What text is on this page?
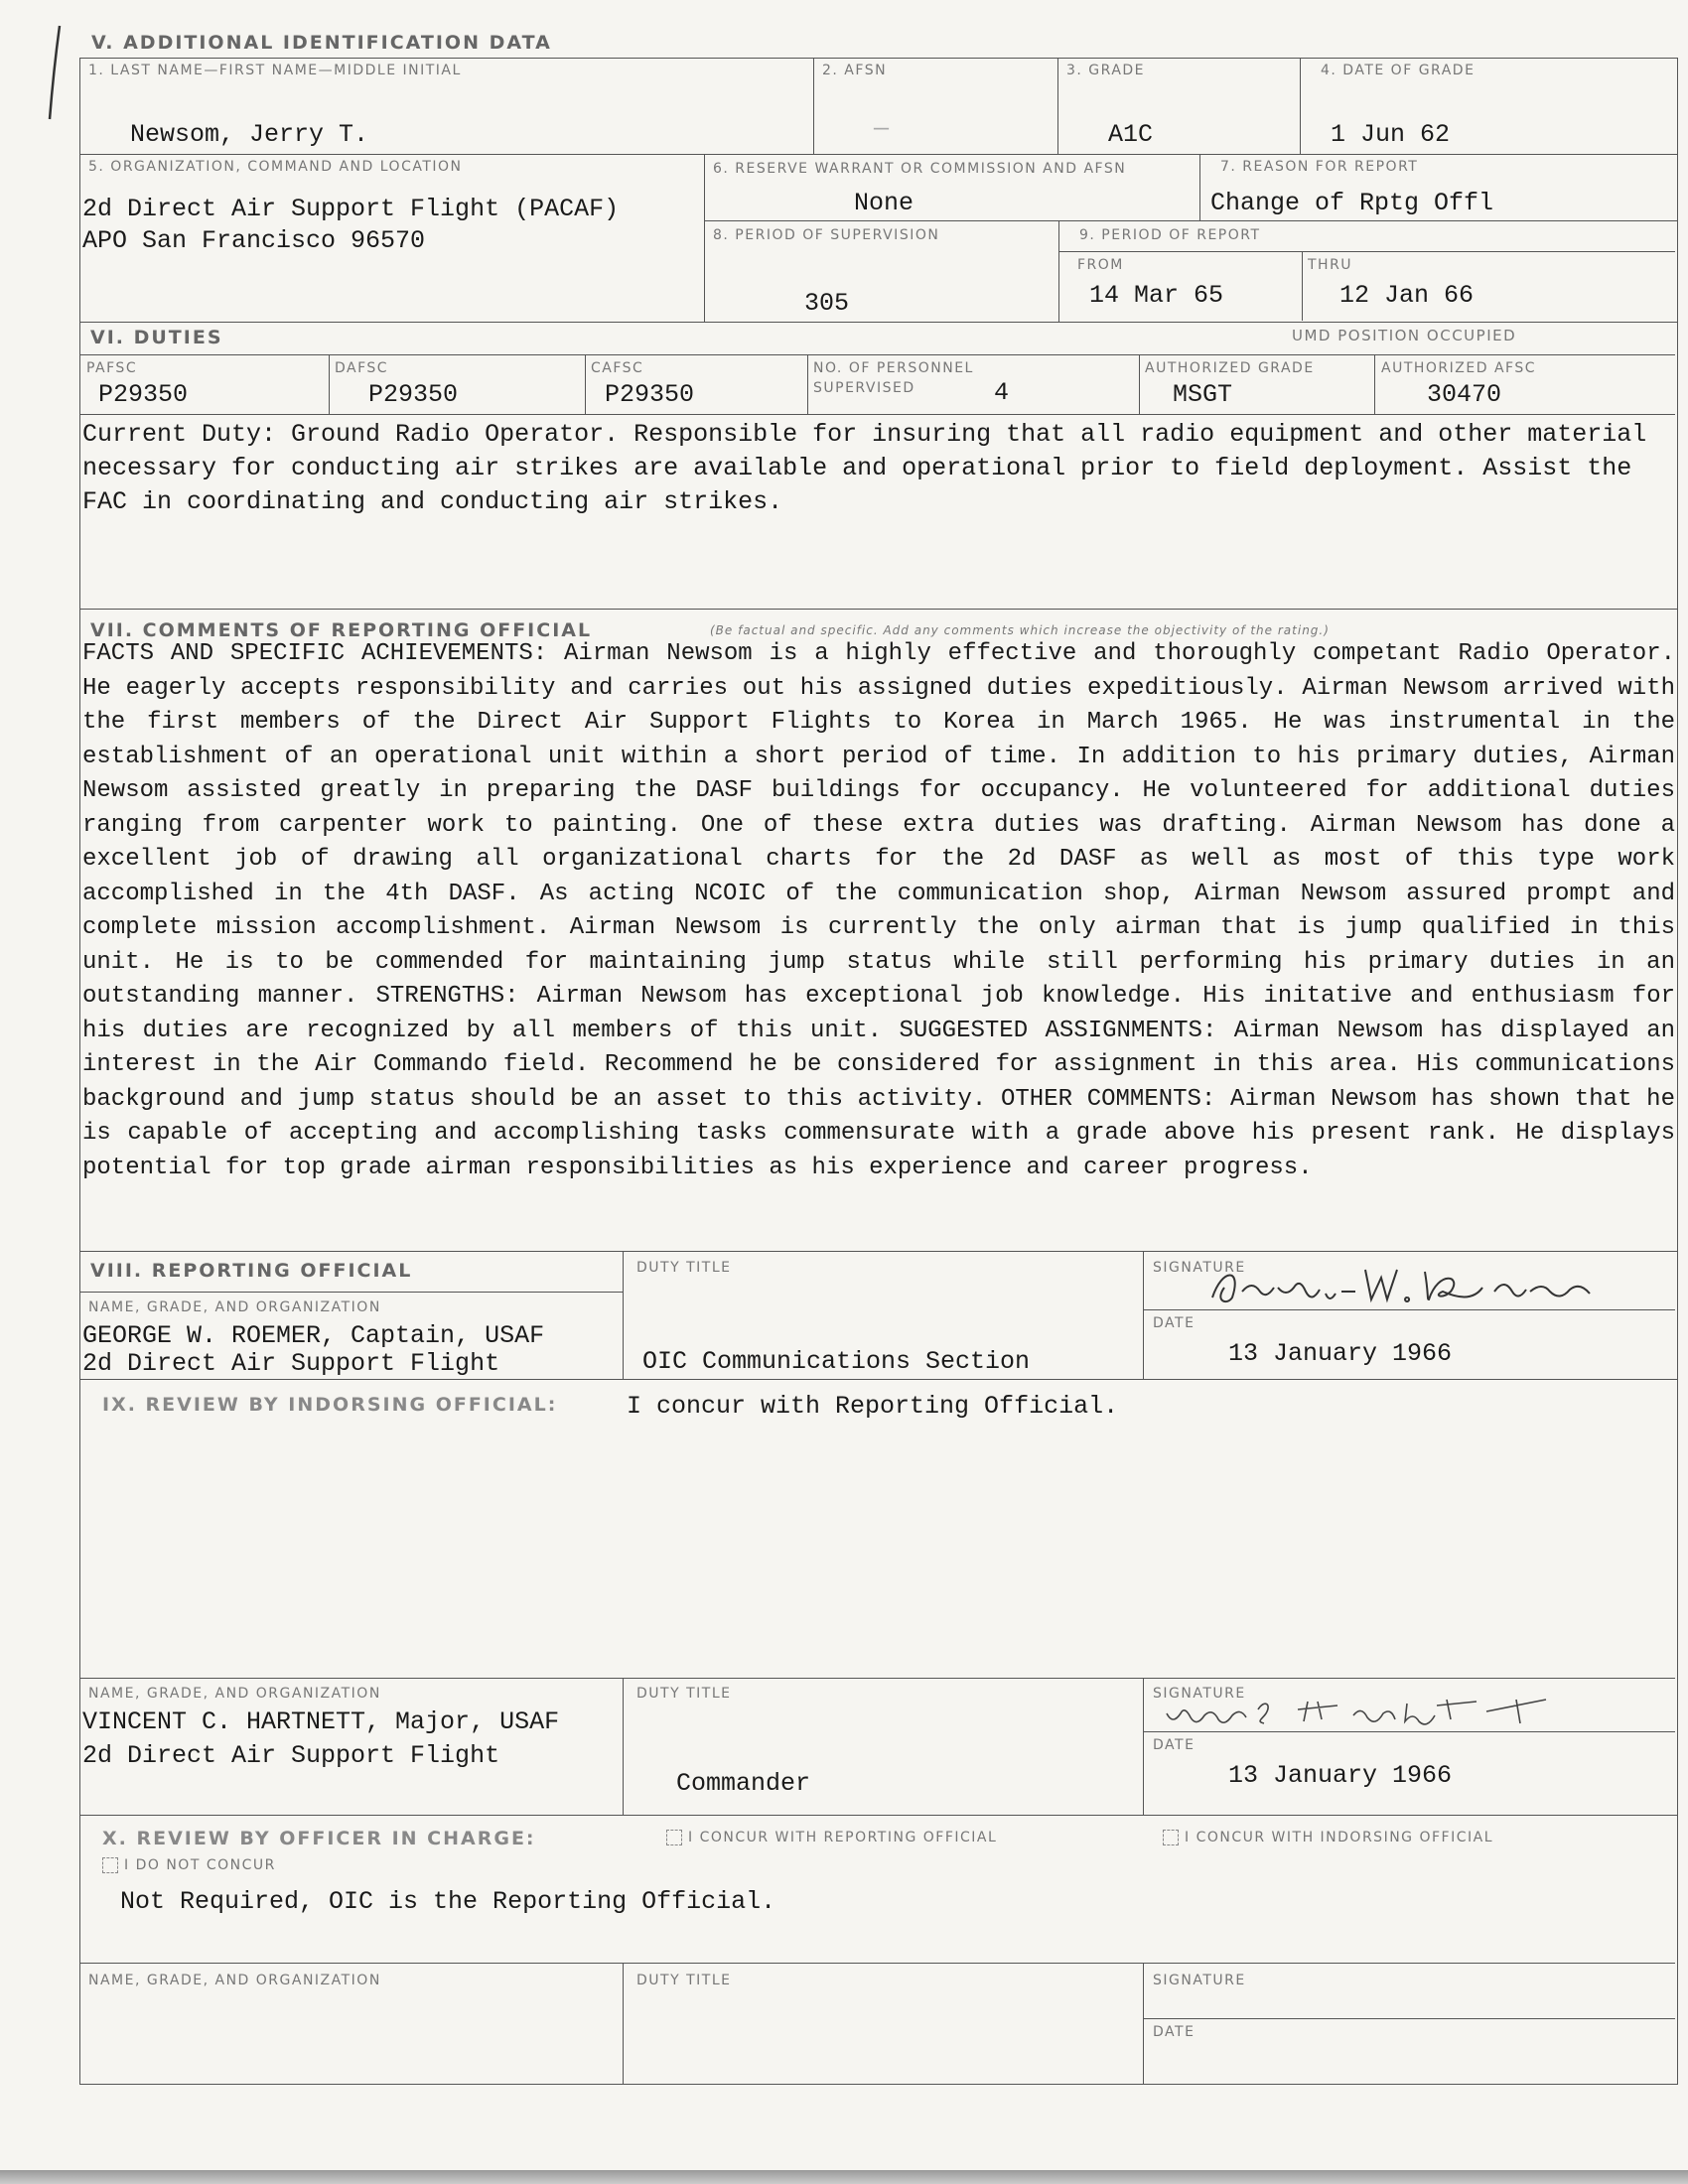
V. ADDITIONAL IDENTIFICATION DATA
1. LAST NAME—FIRST NAME—MIDDLE INITIAL
Newsom, Jerry T.
2. AFSN
—
3. GRADE
A1C
4. DATE OF GRADE
1 Jun 62
5. ORGANIZATION, COMMAND AND LOCATION
2d Direct Air Support Flight (PACAF)
APO San Francisco 96570
6. RESERVE WARRANT OR COMMISSION AND AFSN
None
7. REASON FOR REPORT
Change of Rptg Offl
8. PERIOD OF SUPERVISION
305
9. PERIOD OF REPORT
FROM
14 Mar 65
THRU
12 Jan 66
VI. DUTIES	UMD POSITION OCCUPIED
PAFSC
P29350
DAFSC
P29350
CAFSC
P29350
NO. OF PERSONNEL
SUPERVISED	4
AUTHORIZED GRADE
MSGT
AUTHORIZED AFSC
30470
Current Duty: Ground Radio Operator. Responsible for insuring that all radio equipment and other material necessary for conducting air strikes are available and operational prior to field deployment. Assist the FAC in coordinating and conducting air strikes.
VII. COMMENTS OF REPORTING OFFICIAL	(Be factual and specific. Add any comments which increase the objectivity of the rating.)
FACTS AND SPECIFIC ACHIEVEMENTS: Airman Newsom is a highly effective and thoroughly competant Radio Operator. He eagerly accepts responsibility and carries out his assigned duties expeditiously. Airman Newsom arrived with the first members of the Direct Air Support Flights to Korea in March 1965. He was instrumental in the establishment of an operational unit within a short period of time. In addition to his primary duties, Airman Newsom assisted greatly in preparing the DASF buildings for occupancy. He volunteered for additional duties ranging from carpenter work to painting. One of these extra duties was drafting. Airman Newsom has done a excellent job of drawing all organizational charts for the 2d DASF as well as most of this type work accomplished in the 4th DASF. As acting NCOIC of the communication shop, Airman Newsom assured prompt and complete mission accomplishment. Airman Newsom is currently the only airman that is jump qualified in this unit. He is to be commended for maintaining jump status while still performing his primary duties in an outstanding manner. STRENGTHS: Airman Newsom has exceptional job knowledge. His initative and enthusiasm for his duties are recognized by all members of this unit. SUGGESTED ASSIGNMENTS: Airman Newsom has displayed an interest in the Air Commando field. Recommend he be considered for assignment in this area. His communications background and jump status should be an asset to this activity. OTHER COMMENTS: Airman Newsom has shown that he is capable of accepting and accomplishing tasks commensurate with a grade above his present rank. He displays potential for top grade airman responsibilities as his experience and career progress.
VIII. REPORTING OFFICIAL
NAME, GRADE, AND ORGANIZATION
GEORGE W. ROEMER, Captain, USAF
2d Direct Air Support Flight
DUTY TITLE
OIC Communications Section
SIGNATURE
DATE
13 January 1966
IX. REVIEW BY INDORSING OFFICIAL:	I concur with Reporting Official.
NAME, GRADE, AND ORGANIZATION
VINCENT C. HARTNETT, Major, USAF
2d Direct Air Support Flight
DUTY TITLE
Commander
SIGNATURE
DATE
13 January 1966
X. REVIEW BY OFFICER IN CHARGE:	I CONCUR WITH REPORTING OFFICIAL	I CONCUR WITH INDORSING OFFICIAL
I DO NOT CONCUR
Not Required, OIC is the Reporting Official.
NAME, GRADE, AND ORGANIZATION	DUTY TITLE	SIGNATURE
DATE
